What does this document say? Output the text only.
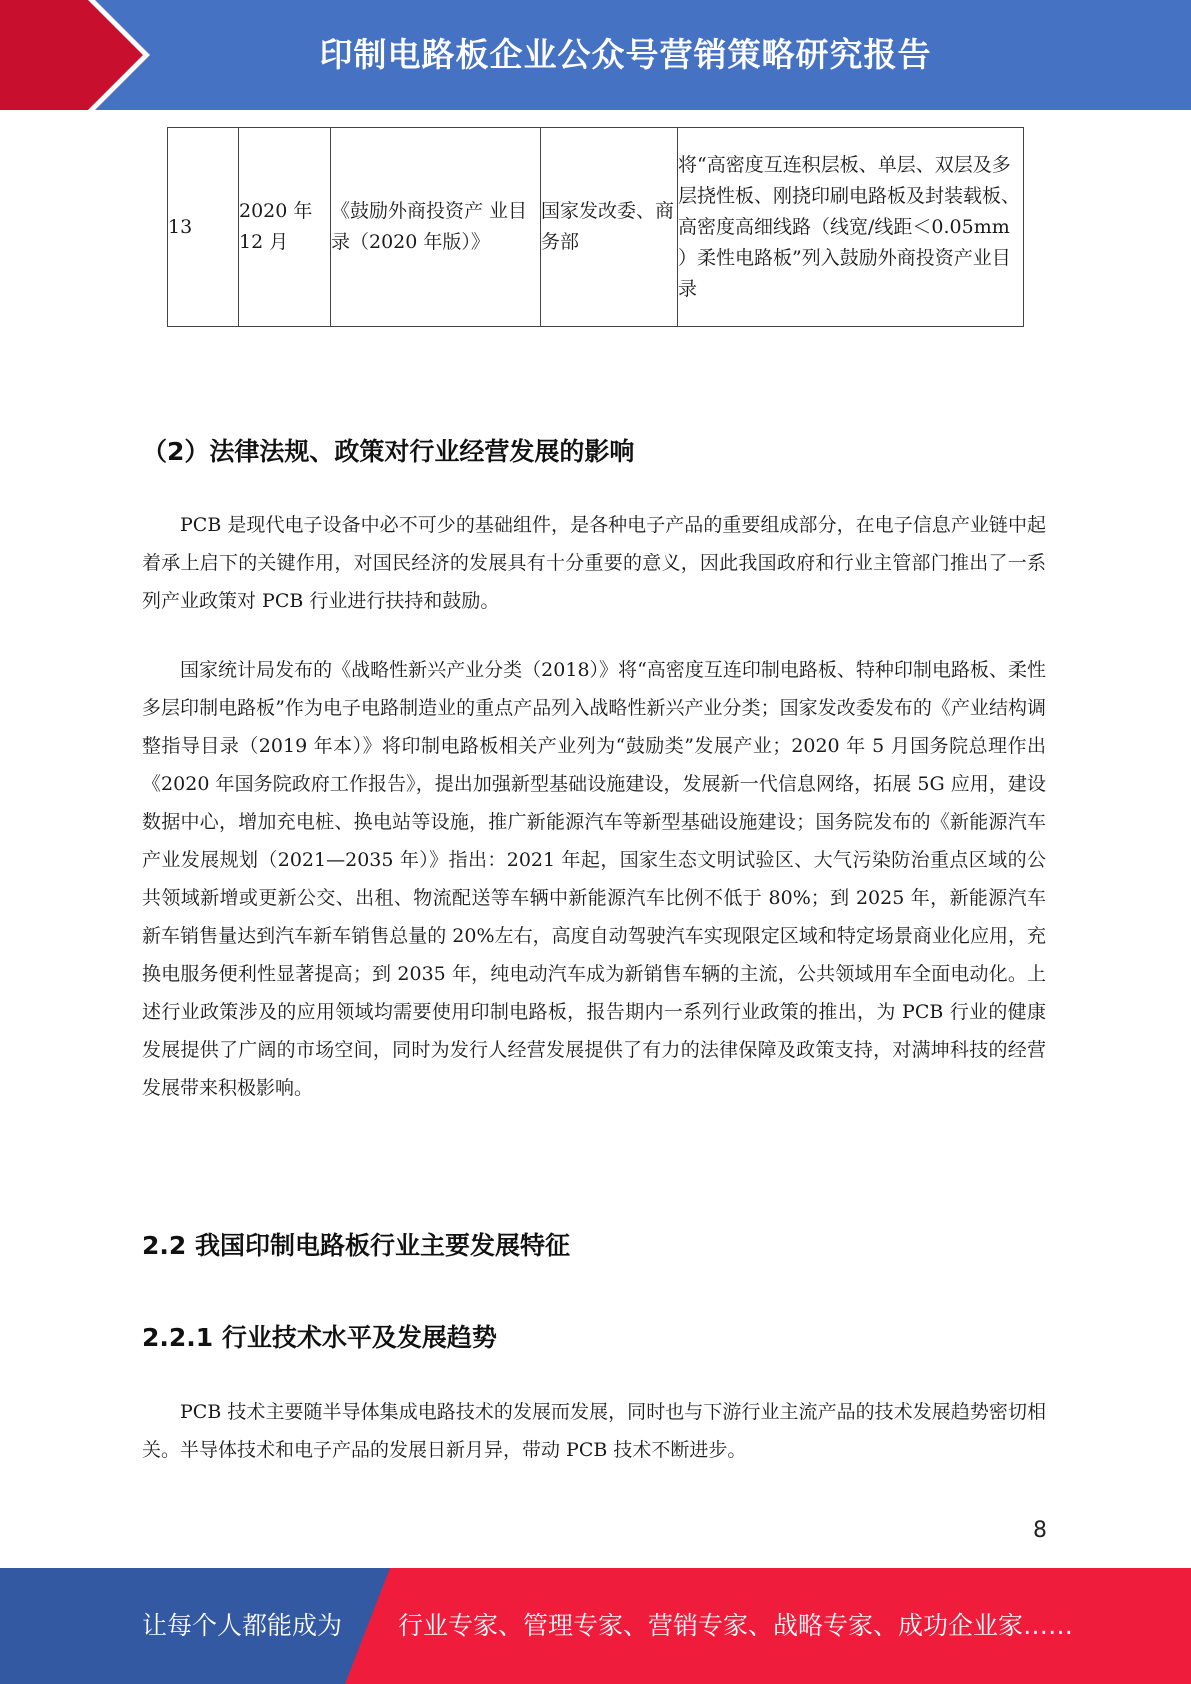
印制电路板企业公众号营销策略研究报告
13	2020 年 12 月	《鼓励外商投资产 业目录（2020 年版）》	国家发改委、商务部	将“高密度互连积层板、单层、双层及多层挠性板、刚挠印刷电路板及封装载板、高密度高细线路（线宽/线距＜0.05mm ）柔性电路板”列入鼓励外商投资产业目录
（2）法律法规、政策对行业经营发展的影响

PCB 是现代电子设备中必不可少的基础组件，是各种电子产品的重要组成部分，在电子信息产业链中起着承上启下的关键作用，对国民经济的发展具有十分重要的意义，因此我国政府和行业主管部门推出了一系列产业政策对 PCB 行业进行扶持和鼓励。

国家统计局发布的《战略性新兴产业分类（2018）》将“高密度互连印制电路板、特种印制电路板、柔性多层印制电路板”作为电子电路制造业的重点产品列入战略性新兴产业分类；国家发改委发布的《产业结构调整指导目录（2019 年本）》将印制电路板相关产业列为“鼓励类”发展产业；2020 年 5 月国务院总理作出《2020 年国务院政府工作报告》，提出加强新型基础设施建设，发展新一代信息网络，拓展 5G 应用，建设数据中心，增加充电桩、换电站等设施，推广新能源汽车等新型基础设施建设；国务院发布的《新能源汽车产业发展规划（2021—2035 年）》指出：2021 年起，国家生态文明试验区、大气污染防治重点区域的公共领域新增或更新公交、出租、物流配送等车辆中新能源汽车比例不低于 80%；到 2025 年，新能源汽车新车销售量达到汽车新车销售总量的 20%左右，高度自动驾驶汽车实现限定区域和特定场景商业化应用，充换电服务便利性显著提高；到 2035 年，纯电动汽车成为新销售车辆的主流，公共领域用车全面电动化。上述行业政策涉及的应用领域均需要使用印制电路板，报告期内一系列行业政策的推出，为 PCB 行业的健康发展提供了广阔的市场空间，同时为发行人经营发展提供了有力的法律保障及政策支持，对满坤科技的经营发展带来积极影响。

2.2 我国印制电路板行业主要发展特征
2.2.1 行业技术水平及发展趋势

PCB 技术主要随半导体集成电路技术的发展而发展，同时也与下游行业主流产品的技术发展趋势密切相关。半导体技术和电子产品的发展日新月异，带动 PCB 技术不断进步。

8
让每个人都能成为 行业专家、管理专家、营销专家、战略专家、成功企业家……
